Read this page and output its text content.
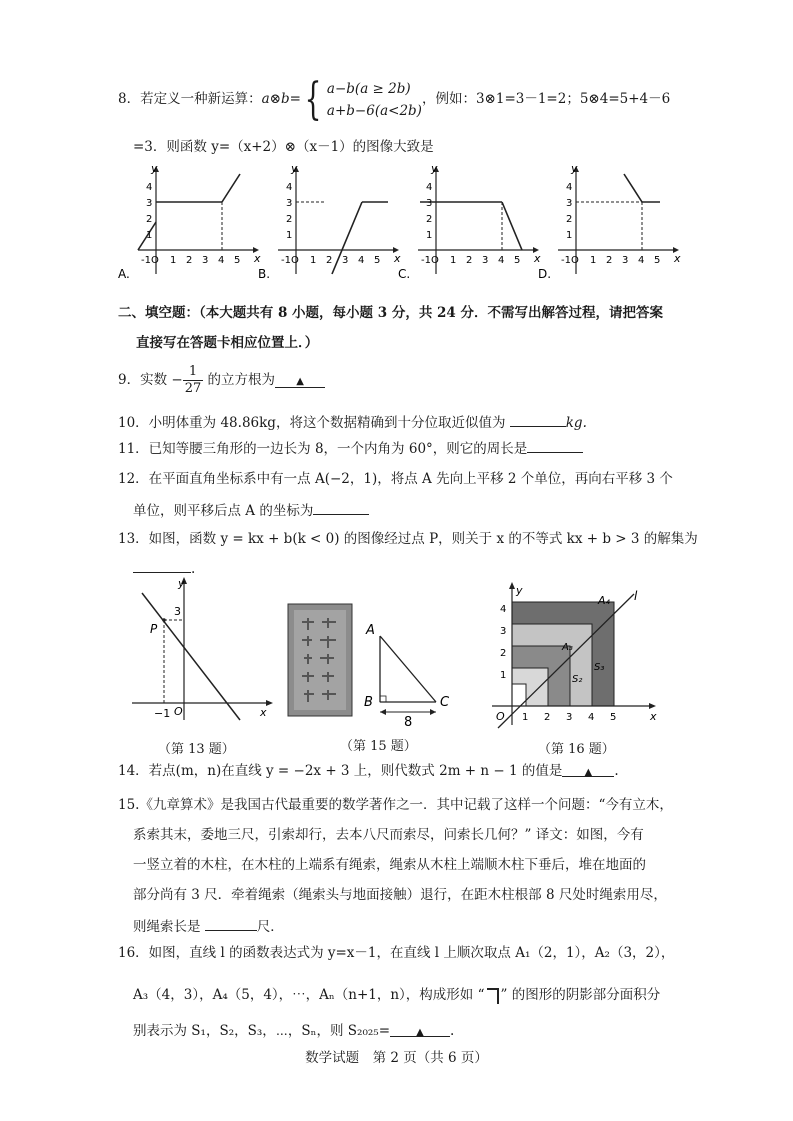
8．若定义一种新运算：a⊗b={ a−b(a ≥ 2b)
a+b−6(a<2b)
，例如：3⊗1=3－1=2；5⊗4=5+4－6
=3．则函数 y=（x+2）⊗（x－1）的图像大致是
y
x
4
3
2
1
-1O 1 2 3 4 5
A.
y
x
4
3
2
1
-1O 1 2 3 4 5
B.
y
x
4
3
2
1
-1O 1 2 3 4 5
C.
y
x
4
3
2
1
-1O 1 2 3 4 5
D.
二、填空题：（本大题共有 8 小题，每小题 3 分，共 24 分．不需写出解答过程，请把答案
直接写在答题卡相应位置上．）
9．实数 − $\frac{1}{27}$ 的立方根为 ▲
10．小明体重为 48.86kg，将这个数据精确到十分位取近似值为	kg.
11．已知等腰三角形的一边长为 8，一个内角为 60°，则它的周长是
12．在平面直角坐标系中有一点 A(−2，1)，将点 A 先向上平移 2 个单位，再向右平移 3 个
单位，则平移后点 A 的坐标为
13．如图，函数 y = kx + b(k < 0) 的图像经过点 P，则关于 x 的不等式 kx + b > 3 的解集为
.
y
x
P
3
−1 O
（第 13 题）
A
B	C
8
（第 15 题）
y
x
l
A₄
A₃
S₃
S₂
O
4
3
2
1
1 2 3 4 5
（第 16 题）
14．若点(m，n)在直线 y = −2x + 3 上，则代数式 2m + n − 1 的值是 ▲ .
15.《九章算术》是我国古代最重要的数学著作之一．其中记载了这样一个问题：“今有立木，
系索其末，委地三尺，引索却行，去本八尺而索尽，问索长几何？” 译文：如图，今有
一竖立着的木柱，在木柱的上端系有绳索，绳索从木柱上端顺木柱下垂后，堆在地面的
部分尚有 3 尺．牵着绳索（绳索头与地面接触）退行，在距木柱根部 8 尺处时绳索用尽，
则绳索长是	尺．
16．如图，直线 l 的函数表达式为 y=x－1，在直线 l 上顺次取点 A₁（2，1），A₂（3，2），
A₃（4，3），A₄（5，4），⋯，Aₙ（n+1，n），构成形如 “ ” 的图形的阴影部分面积分
别表示为 S₁，S₂，S₃，⋯，Sₙ，则 S₂₀₂₅=	▲ .
数学试题　第 2 页（共 6 页）
